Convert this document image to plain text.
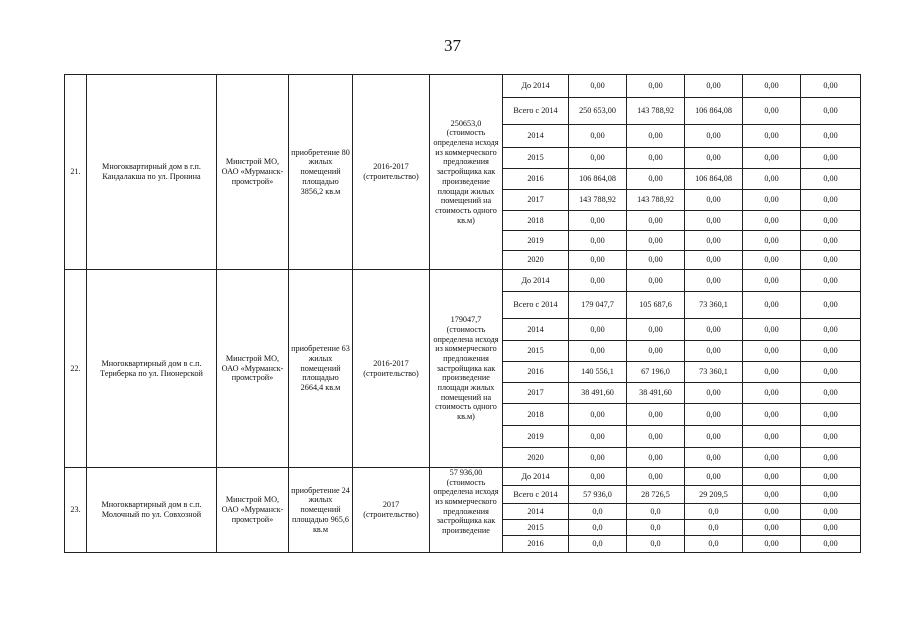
37
21.	Многоквартирный дом в г.п. Кандалакша по ул. Пронина	Минстрой МО, ОАО «Мурманск-промстрой»	приобретение 80 жилых помещений площадью 3856,2 кв.м	2016-2017 (строительство)	250653,0 (стоимость определена исходя из коммерческого предложения застройщика как произведение площади жилых помещений на стоимость одного кв.м)	До 2014	0,00	0,00	0,00	0,00	0,00
						Всего с 2014	250 653,00	143 788,92	106 864,08	0,00	0,00
						2014	0,00	0,00	0,00	0,00	0,00
						2015	0,00	0,00	0,00	0,00	0,00
						2016	106 864,08	0,00	106 864,08	0,00	0,00
						2017	143 788,92	143 788,92	0,00	0,00	0,00
						2018	0,00	0,00	0,00	0,00	0,00
						2019	0,00	0,00	0,00	0,00	0,00
						2020	0,00	0,00	0,00	0,00	0,00
22.	Многоквартирный дом в с.п. Териберка по ул. Пионерской	Минстрой МО, ОАО «Мурманск-промстрой»	приобретение 63 жилых помещений площадью 2664,4 кв.м	2016-2017 (строительство)	179047,7 (стоимость определена исходя из коммерческого предложения застройщика как произведение площади жилых помещений на стоимость одного кв.м)	До 2014	0,00	0,00	0,00	0,00	0,00
						Всего с 2014	179 047,7	105 687,6	73 360,1	0,00	0,00
						2014	0,00	0,00	0,00	0,00	0,00
						2015	0,00	0,00	0,00	0,00	0,00
						2016	140 556,1	67 196,0	73 360,1	0,00	0,00
						2017	38 491,60	38 491,60	0,00	0,00	0,00
						2018	0,00	0,00	0,00	0,00	0,00
						2019	0,00	0,00	0,00	0,00	0,00
						2020	0,00	0,00	0,00	0,00	0,00
23.	Многоквартирный дом в с.п. Молочный по ул. Совхозной	Минстрой МО, ОАО «Мурманск-промстрой»	приобретение 24 жилых помещений площадью 965,6 кв.м	2017 (строительство)	57 936,00 (стоимость определена исходя из коммерческого предложения застройщика как произведение	До 2014	0,00	0,00	0,00	0,00	0,00
						Всего с 2014	57 936,0	28 726,5	29 209,5	0,00	0,00
						2014	0,0	0,0	0,0	0,00	0,00
						2015	0,0	0,0	0,0	0,00	0,00
						2016	0,0	0,0	0,0	0,00	0,00
